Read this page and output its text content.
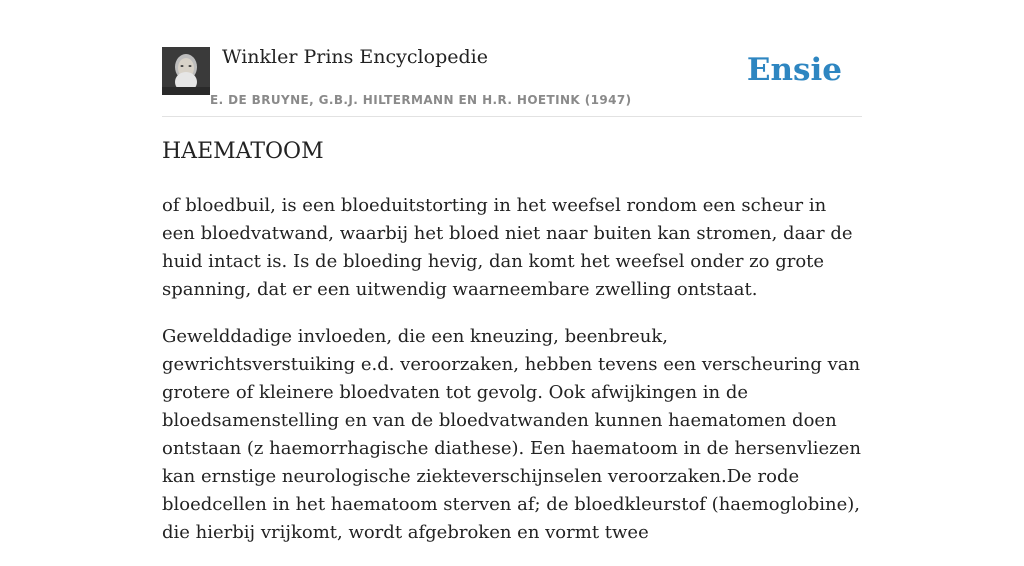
Winkler Prins Encyclopedie
E. DE BRUYNE, G.B.J. HILTERMANN EN H.R. HOETINK (1947)
Ensie
HAEMATOOM

of bloedbuil, is een bloeduitstorting in het weefsel rondom een scheur in een bloedvatwand, waarbij het bloed niet naar buiten kan stromen, daar de huid intact is. Is de bloeding hevig, dan komt het weefsel onder zo grote spanning, dat er een uitwendig waarneembare zwelling ontstaat.

Gewelddadige invloeden, die een kneuzing, beenbreuk, gewrichtsverstuiking e.d. veroorzaken, hebben tevens een verscheuring van grotere of kleinere bloedvaten tot gevolg. Ook afwijkingen in de bloedsamenstelling en van de bloedvatwanden kunnen haematomen doen ontstaan (z haemorrhagische diathese). Een haematoom in de hersenvliezen kan ernstige neurologische ziekteverschijnselen veroorzaken.De rode bloedcellen in het haematoom sterven af; de bloedkleurstof (haemoglobine), die hierbij vrijkomt, wordt afgebroken en vormt twee
